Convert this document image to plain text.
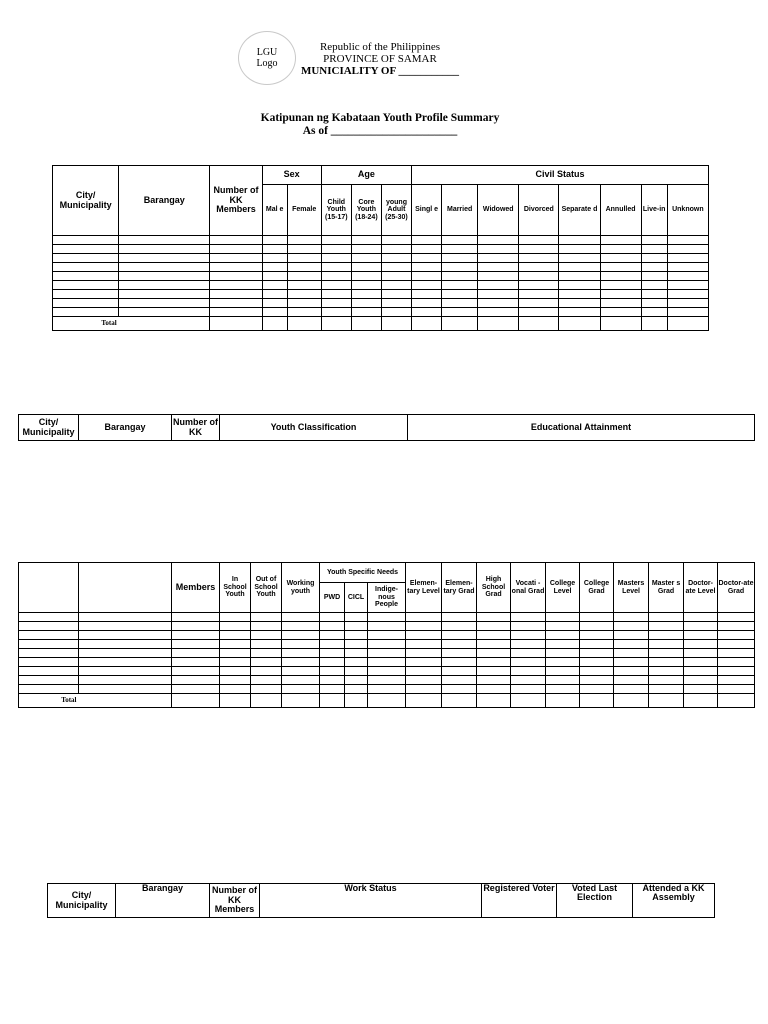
LGU Logo
Republic of the Philippines
PROVINCE OF SAMAR
MUNICIALITY OF ___________
Katipunan ng Kabataan Youth Profile Summary
As of ______________________
City/ Municipality	Barangay	Number of KK Members	Sex		Age			Civil Status							
			Mal e	Female	Child Youth (15-17)	Core Youth (18-24)	young Adult (25-30)	Singl e	Married	Widowed	Divorced	Separate d	Annulled	Live-in	Unknown

Total															
City/ Municipality	Barangay	Number of KK	Youth Classification	Educational Attainment
		Members	In School Youth	Out of School Youth	Working youth	Youth Specific Needs			Elemen-tary Level	Elemen-tary Grad	High School Grad	Vocati -onal Grad	College Level	College Grad	Masters Level	Master s Grad	Doctor-ate Level	Doctor-ate Grad
						PWD	CICL	Indige-nous People										

Total																		
City/ Municipality	Barangay	Number of KK Members	Work Status	Registered Voter	Voted Last Election	Attended a KK Assembly
